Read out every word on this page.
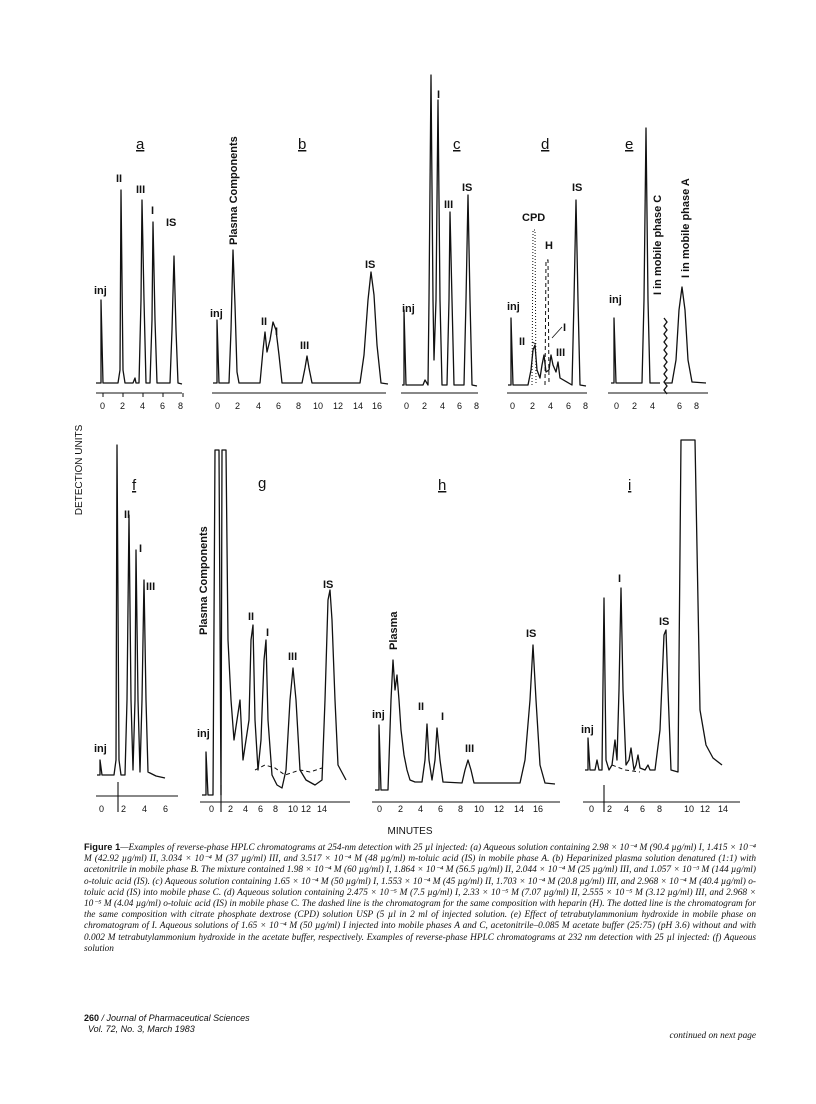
DETECTION UNITS
MINUTES
a
0 2 4 6 8
inj
II
III
I
IS
b
0 2 4 6 8 10 12 14 16
inj
Plasma Components
II
I
III
IS
c
0 2 4 6 8
inj
I
III
IS
d
0 2 4 6 8
inj
CPD
H
II
I
III
IS
e
0 2 4 6 8
inj
I in mobile phase C I in mobile phase A
f
0 2 4 6
inj
II
I
III
g
0 2 4 6 8 10 12 14
inj
Plasma Components	II
I
III
IS
h
0 2 4 6 8 10 12 14 16
inj
Plasma
II
I
III
IS
i
0 2 4 6 8 10 12 14
inj
I
IS

Figure 1—Examples of reverse-phase HPLC chromatograms at 254-nm detection with 25 µl injected: (a) Aqueous solution containing 2.98 × 10⁻⁴ M (90.4 µg/ml) I, 1.415 × 10⁻⁴ M (42.92 µg/ml) II, 3.034 × 10⁻⁴ M (37 µg/ml) III, and 3.517 × 10⁻⁴ M (48 µg/ml) m-toluic acid (IS) in mobile phase A. (b) Heparinized plasma solution denatured (1:1) with acetonitrile in mobile phase B. The mixture contained 1.98 × 10⁻⁴ M (60 µg/ml) I, 1.864 × 10⁻⁴ M (56.5 µg/ml) II, 2.044 × 10⁻⁴ M (25 µg/ml) III, and 1.057 × 10⁻³ M (144 µg/ml) o-toluic acid (IS). (c) Aqueous solution containing 1.65 × 10⁻⁴ M (50 µg/ml) I, 1.553 × 10⁻⁴ M (45 µg/ml) II, 1.703 × 10⁻⁴ M (20.8 µg/ml) III, and 2.968 × 10⁻⁴ M (40.4 µg/ml) o-toluic acid (IS) into mobile phase C. (d) Aqueous solution containing 2.475 × 10⁻⁵ M (7.5 µg/ml) I, 2.33 × 10⁻⁵ M (7.07 µg/ml) II, 2.555 × 10⁻⁵ M (3.12 µg/ml) III, and 2.968 × 10⁻⁵ M (4.04 µg/ml) o-toluic acid (IS) in mobile phase C. The dashed line is the chromatogram for the same composition with heparin (H). The dotted line is the chromatogram for the same composition with citrate phosphate dextrose (CPD) solution USP (5 µl in 2 ml of injected solution. (e) Effect of tetrabutylammonium hydroxide in mobile phase on chromatogram of I. Aqueous solutions of 1.65 × 10⁻⁴ M (50 µg/ml) I injected into mobile phases A and C, acetonitrile–0.085 M acetate buffer (25:75) (pH 3.6) without and with 0.002 M tetrabutylammonium hydroxide in the acetate buffer, respectively. Examples of reverse-phase HPLC chromatograms at 232 nm detection with 25 µl injected: (f) Aqueous solution

continued on next page
260 / Journal of Pharmaceutical Sciences
Vol. 72, No. 3, March 1983
